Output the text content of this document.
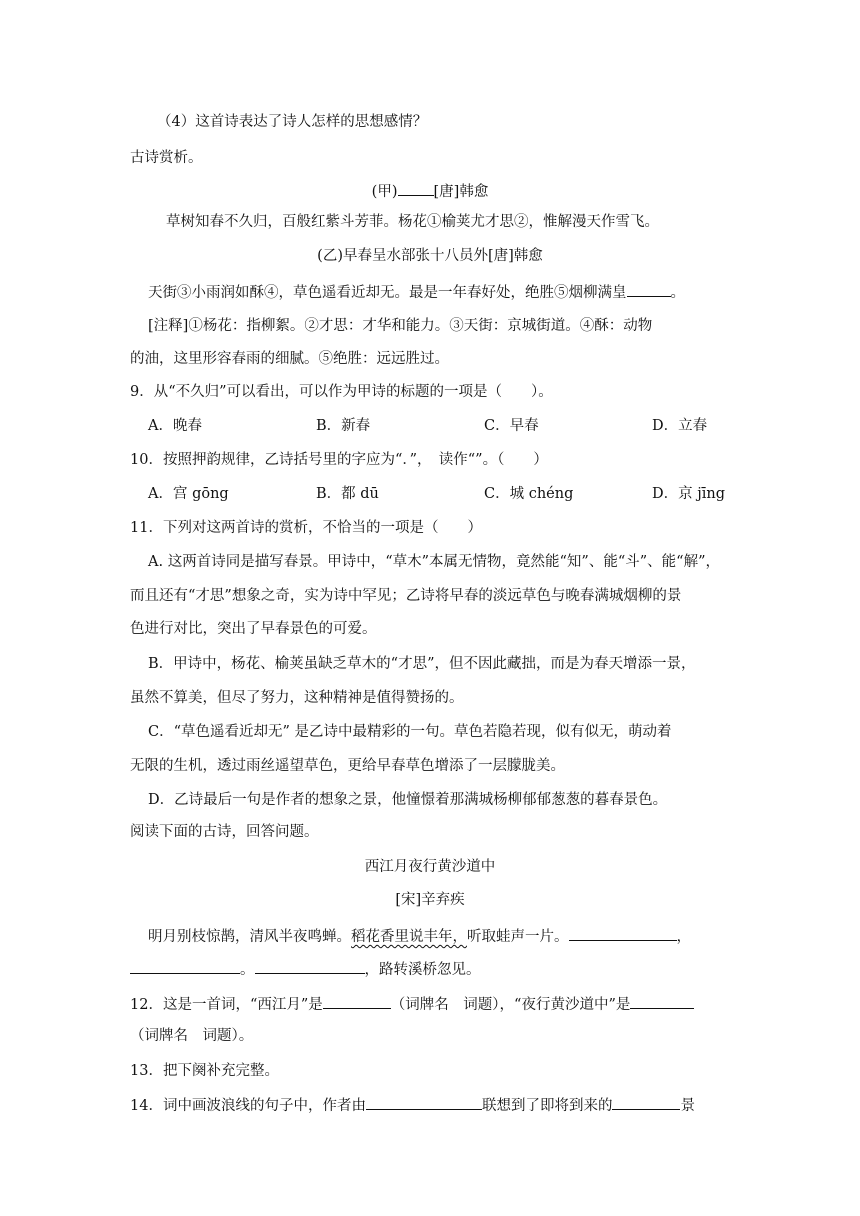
（4）这首诗表达了诗人怎样的思想感情？
古诗赏析。
(甲) [唐]韩愈
草树知春不久归，百般红紫斗芳菲。杨花①榆荚尤才思②，惟解漫天作雪飞。
(乙)早春呈水部张十八员外[唐]韩愈
天街③小雨润如酥④，草色遥看近却无。最是一年春好处，绝胜⑤烟柳满皇	。
[注释]①杨花：指柳絮。②才思：才华和能力。③天街：京城街道。④酥：动物
的油，这里形容春雨的细腻。⑤绝胜：远远胜过。
9．从“不久归”可以看出，可以作为甲诗的标题的一项是（　　）。
A．晚春	B．新春	C．早春	D．立春
10．按照押韵规律，乙诗括号里的字应为“．”，　读作“”。（　　）
A．宫 gōng	B．都 dū	C．城 chéng	D．京 jīng
11．下列对这两首诗的赏析，不恰当的一项是（　　）
A. 这两首诗同是描写春景。甲诗中，“草木”本属无情物，竟然能“知”、能“斗”、能“解”，
而且还有“才思”想象之奇，实为诗中罕见；乙诗将早春的淡远草色与晚春满城烟柳的景
色进行对比，突出了早春景色的可爱。
B．甲诗中，杨花、榆荚虽缺乏草木的“才思”，但不因此藏拙，而是为春天增添一景，
虽然不算美，但尽了努力，这种精神是值得赞扬的。
C．“草色遥看近却无” 是乙诗中最精彩的一句。草色若隐若现，似有似无，萌动着
无限的生机，透过雨丝遥望草色，更给早春草色增添了一层朦胧美。
D．乙诗最后一句是作者的想象之景，他憧憬着那满城杨柳郁郁葱葱的暮春景色。
阅读下面的古诗，回答问题。
西江月夜行黄沙道中
[宋]辛弃疾
明月别枝惊鹊，清风半夜鸣蝉。稻花香里说丰年，听取蛙声一片。	，
。	，路转溪桥忽见。
12．这是一首词，“西江月”是	（词牌名　词题），“夜行黄沙道中”是
（词牌名　词题）。
13．把下阕补充完整。
14．词中画波浪线的句子中，作者由	联想到了即将到来的	景
